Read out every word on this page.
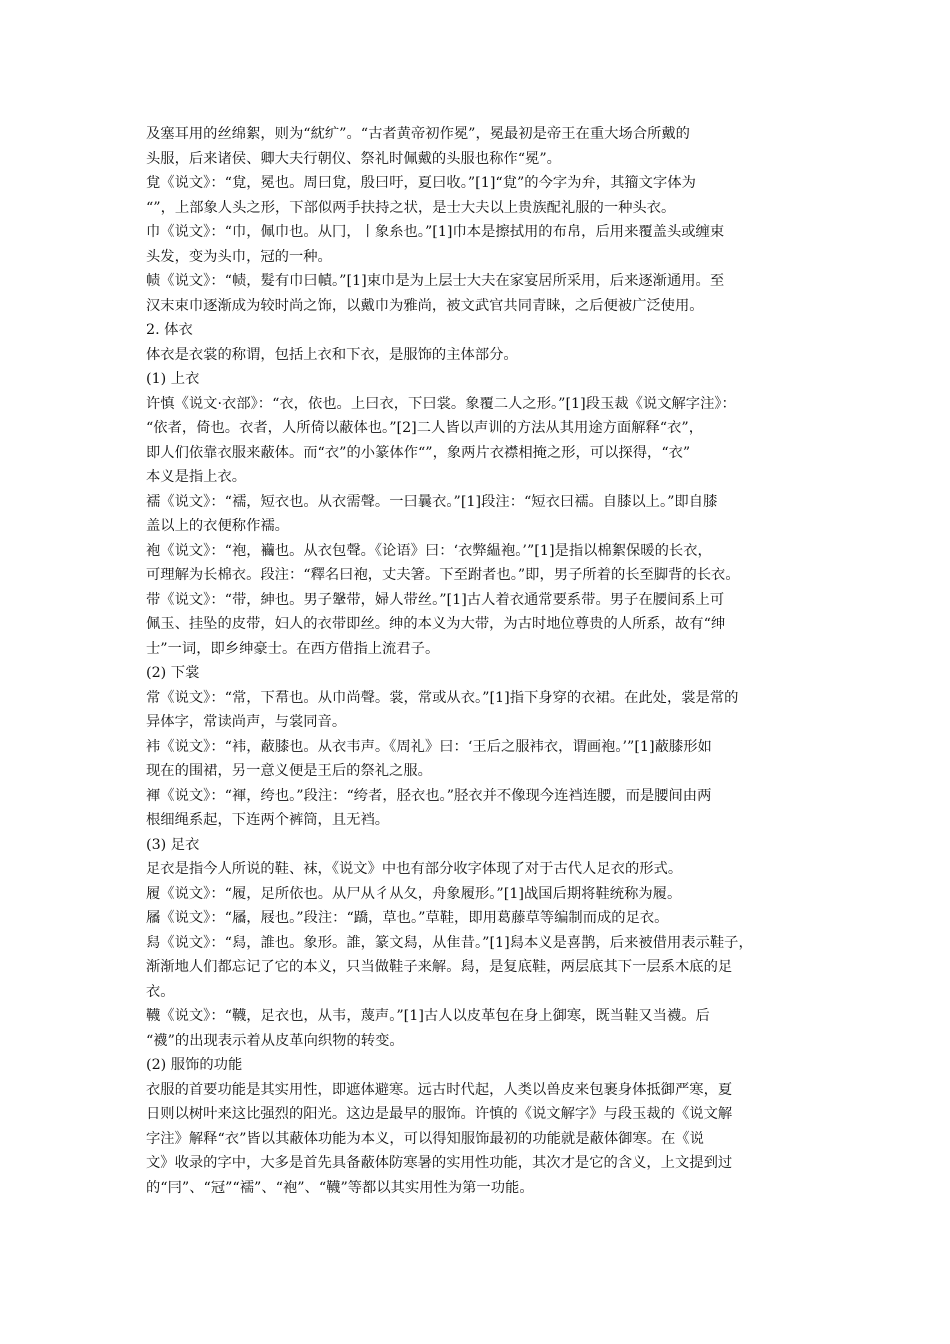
及塞耳用的丝绵絮，则为“紞纩”。“古者黄帝初作冕”，冕最初是帝王在重大场合所戴的
头服，后来诸侯、卿大夫行朝仪、祭礼时佩戴的头服也称作“冕”。
覍《说文》：“覍，冕也。周曰覍，殷曰吁，夏曰收。”[1]“覍”的今字为弁，其籀文字体为
“”，上部象人头之形，下部似两手扶持之状，是士大夫以上贵族配礼服的一种头衣。
巾《说文》：“巾，佩巾也。从冂，丨象糸也。”[1]巾本是擦拭用的布帛，后用来覆盖头或缠束
头发，变为头巾，冠的一种。
帻《说文》：“帻，髮有巾曰幘。”[1]束巾是为上层士大夫在家宴居所采用，后来逐渐通用。至
汉末束巾逐渐成为较时尚之饰，以戴巾为雅尚，被文武官共同青睐，之后便被广泛使用。
2. 体衣
体衣是衣裳的称谓，包括上衣和下衣，是服饰的主体部分。
(1) 上衣
许慎《说文·衣部》：“衣，依也。上曰衣，下曰裳。象覆二人之形。”[1]段玉裁《说文解字注》：
“依者，倚也。衣者，人所倚以蔽体也。”[2]二人皆以声训的方法从其用途方面解释“衣”，
即人们依靠衣服来蔽体。而“衣”的小篆体作“”，象两片衣襟相掩之形，可以探得，“衣”
本义是指上衣。
襦《说文》：“襦，短衣也。从衣需聲。一曰曩衣。”[1]段注：“短衣曰襦。自膝以上。”即自膝
盖以上的衣便称作襦。
袍《说文》：“袍，襺也。从衣包聲。《论语》曰：‘衣弊緼袍。’”[1]是指以棉絮保暖的长衣，
可理解为长棉衣。段注：“釋名曰袍，丈夫箸。下至跗者也。”即，男子所着的长至脚背的长衣。
带《说文》：“带，紳也。男子鞶带，婦人带丝。”[1]古人着衣通常要系带。男子在腰间系上可
佩玉、挂坠的皮带，妇人的衣带即丝。绅的本义为大带，为古时地位尊贵的人所系，故有“绅
士”一词，即乡绅豪士。在西方借指上流君子。
(2) 下裳
常《说文》：“常，下帬也。从巾尚聲。裳，常或从衣。”[1]指下身穿的衣裙。在此处，裳是常的
异体字，常读尚声，与裳同音。
袆《说文》：“袆，蔽膝也。从衣韦声。《周礼》曰：‘王后之服袆衣，谓画袍。’”[1]蔽膝形如
现在的围裙，另一意义便是王后的祭礼之服。
褌《说文》：“褌，绔也。”段注：“绔者，胫衣也。”胫衣并不像现今连裆连腰，而是腰间由两
根细绳系起，下连两个裤筒，且无裆。
(3) 足衣
足衣是指今人所说的鞋、袜，《说文》中也有部分收字体现了对于古代人足衣的形式。
履《说文》：“履，足所依也。从尸从彳从夂，舟象履形。”[1]战国后期将鞋统称为履。
屩《说文》：“屩，屐也。”段注：“蹻，草也。”草鞋，即用葛藤草等编制而成的足衣。
舄《说文》：“舄，誰也。象形。誰，篆文舄，从隹昔。”[1]舄本义是喜鹊，后来被借用表示鞋子，
渐渐地人们都忘记了它的本义，只当做鞋子来解。舄，是复底鞋，两层底其下一层系木底的足
衣。
韈《说文》：“韈，足衣也，从韦，蔑声。”[1]古人以皮革包在身上御寒，既当鞋又当襪。后
“襪”的出现表示着从皮革向织物的转变。
(2) 服饰的功能
衣服的首要功能是其实用性，即遮体避寒。远古时代起，人类以兽皮来包裹身体抵御严寒，夏
日则以树叶来这比强烈的阳光。这边是最早的服饰。许慎的《说文解字》与段玉裁的《说文解
字注》解释“衣”皆以其蔽体功能为本义，可以得知服饰最初的功能就是蔽体御寒。在《说
文》收录的字中，大多是首先具备蔽体防寒暑的实用性功能，其次才是它的含义，上文提到过
的“冃”、“冠”“襦”、“袍”、“韈”等都以其实用性为第一功能。
